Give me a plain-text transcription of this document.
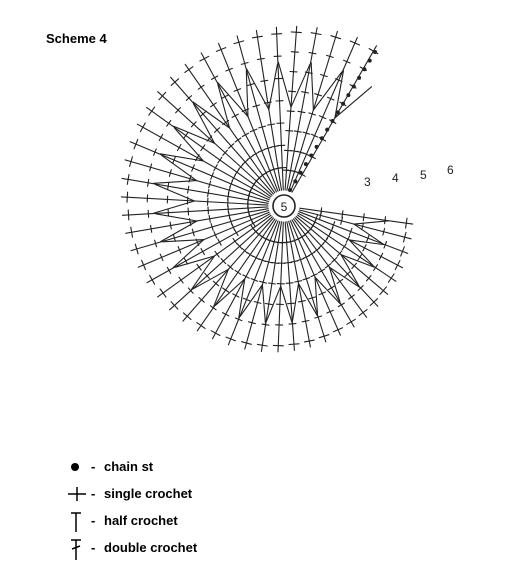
Scheme 4
5
3 4 5 6
- chain st
- single crochet
- half crochet
- double crochet
